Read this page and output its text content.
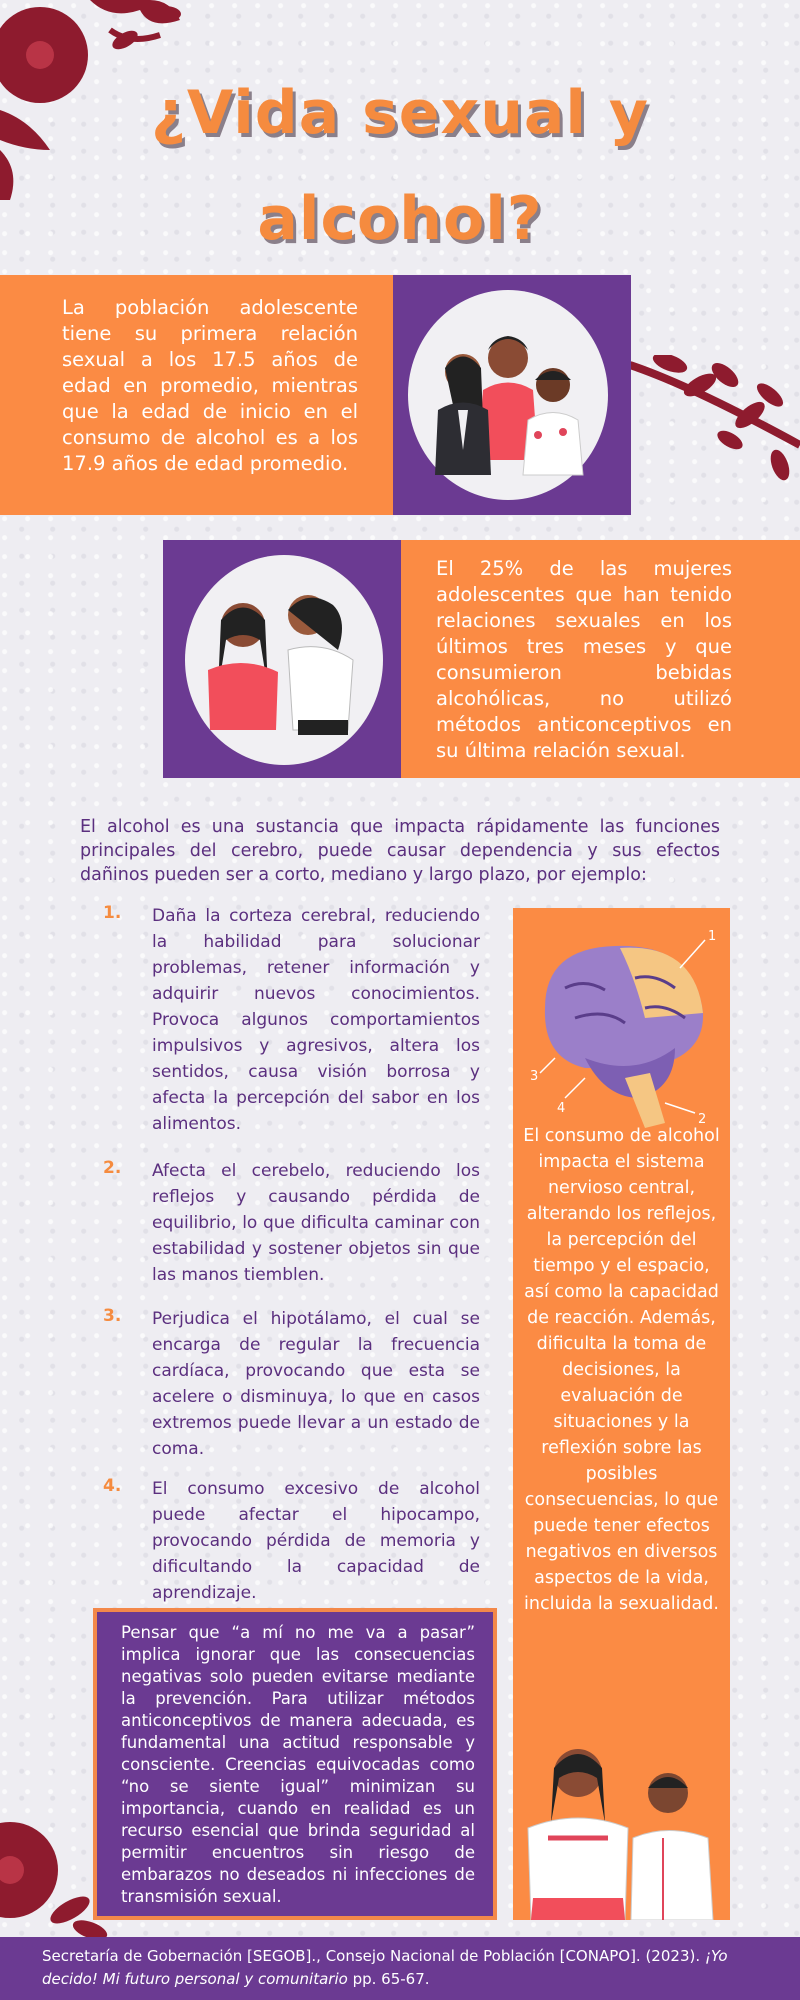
¿Vida sexual y alcohol?
La población adolescente tiene su primera relación sexual a los 17.5 años de edad en promedio, mientras que la edad de inicio en el consumo de alcohol es a los 17.9 años de edad promedio.
El 25% de las mujeres adolescentes que han tenido relaciones sexuales en los últimos tres meses y que consumieron bebidas alcohólicas, no utilizó métodos anticonceptivos en su última relación sexual.
El alcohol es una sustancia que impacta rápidamente las funciones principales del cerebro, puede causar dependencia y sus efectos dañinos pueden ser a corto, mediano y largo plazo, por ejemplo:
1. Daña la corteza cerebral, reduciendo la habilidad para solucionar problemas, retener información y adquirir nuevos conocimientos. Provoca algunos comportamientos impulsivos y agresivos, altera los sentidos, causa visión borrosa y afecta la percepción del sabor en los alimentos.
2. Afecta el cerebelo, reduciendo los reflejos y causando pérdida de equilibrio, lo que dificulta caminar con estabilidad y sostener objetos sin que las manos tiemblen.
3. Perjudica el hipotálamo, el cual se encarga de regular la frecuencia cardíaca, provocando que esta se acelere o disminuya, lo que en casos extremos puede llevar a un estado de coma.
4. El consumo excesivo de alcohol puede afectar el hipocampo, provocando pérdida de memoria y dificultando la capacidad de aprendizaje.
1
2
3
4
El consumo de alcohol impacta el sistema nervioso central, alterando los reflejos, la percepción del tiempo y el espacio, así como la capacidad de reacción. Además, dificulta la toma de decisiones, la evaluación de situaciones y la reflexión sobre las posibles consecuencias, lo que puede tener efectos negativos en diversos aspectos de la vida, incluida la sexualidad.
Pensar que “a mí no me va a pasar” implica ignorar que las consecuencias negativas solo pueden evitarse mediante la prevención. Para utilizar métodos anticonceptivos de manera adecuada, es fundamental una actitud responsable y consciente. Creencias equivocadas como “no se siente igual” minimizan su importancia, cuando en realidad es un recurso esencial que brinda seguridad al permitir encuentros sin riesgo de embarazos no deseados ni infecciones de transmisión sexual.
Secretaría de Gobernación [SEGOB]., Consejo Nacional de Población [CONAPO]. (2023). ¡Yo decido! Mi futuro personal y comunitario pp. 65-67.
